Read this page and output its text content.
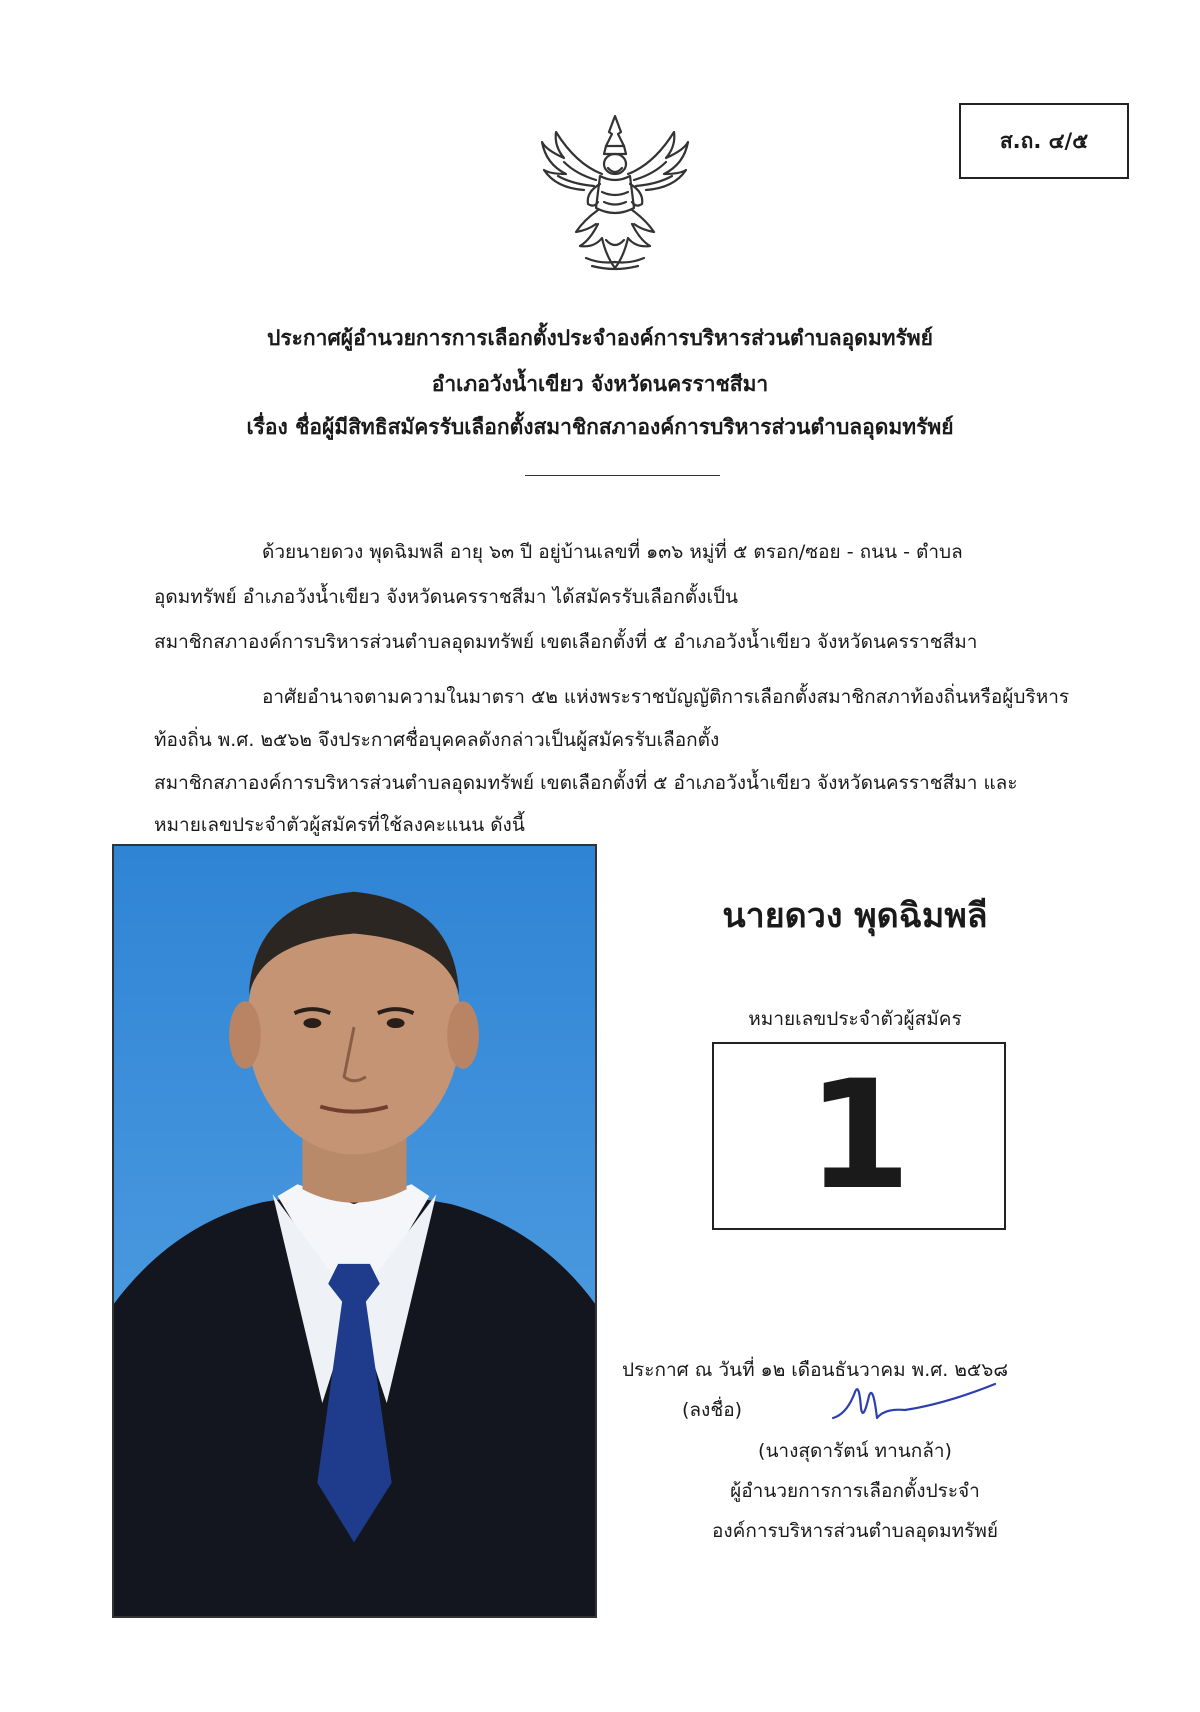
ส.ถ. ๔/๕
ประกาศผู้อำนวยการการเลือกตั้งประจำองค์การบริหารส่วนตำบลอุดมทรัพย์
อำเภอวังน้ำเขียว จังหวัดนครราชสีมา
เรื่อง ชื่อผู้มีสิทธิสมัครรับเลือกตั้งสมาชิกสภาองค์การบริหารส่วนตำบลอุดมทรัพย์
ด้วยนายดวง พุดฉิมพลี อายุ ๖๓ ปี อยู่บ้านเลขที่ ๑๓๖ หมู่ที่ ๕ ตรอก/ซอย - ถนน - ตำบล
อุดมทรัพย์ อำเภอวังน้ำเขียว จังหวัดนครราชสีมา ได้สมัครรับเลือกตั้งเป็น
สมาชิกสภาองค์การบริหารส่วนตำบลอุดมทรัพย์ เขตเลือกตั้งที่ ๕ อำเภอวังน้ำเขียว จังหวัดนครราชสีมา
อาศัยอำนาจตามความในมาตรา ๕๒ แห่งพระราชบัญญัติการเลือกตั้งสมาชิกสภาท้องถิ่นหรือผู้บริหาร
ท้องถิ่น พ.ศ. ๒๕๖๒ จึงประกาศชื่อบุคคลดังกล่าวเป็นผู้สมัครรับเลือกตั้ง
สมาชิกสภาองค์การบริหารส่วนตำบลอุดมทรัพย์ เขตเลือกตั้งที่ ๕ อำเภอวังน้ำเขียว จังหวัดนครราชสีมา และ
หมายเลขประจำตัวผู้สมัครที่ใช้ลงคะแนน ดังนี้
นายดวง พุดฉิมพลี
หมายเลขประจำตัวผู้สมัคร
1
ประกาศ ณ วันที่ ๑๒ เดือนธันวาคม พ.ศ. ๒๕๖๘
(ลงชื่อ)
(นางสุดารัตน์ ทานกล้า)
ผู้อำนวยการการเลือกตั้งประจำ
องค์การบริหารส่วนตำบลอุดมทรัพย์
